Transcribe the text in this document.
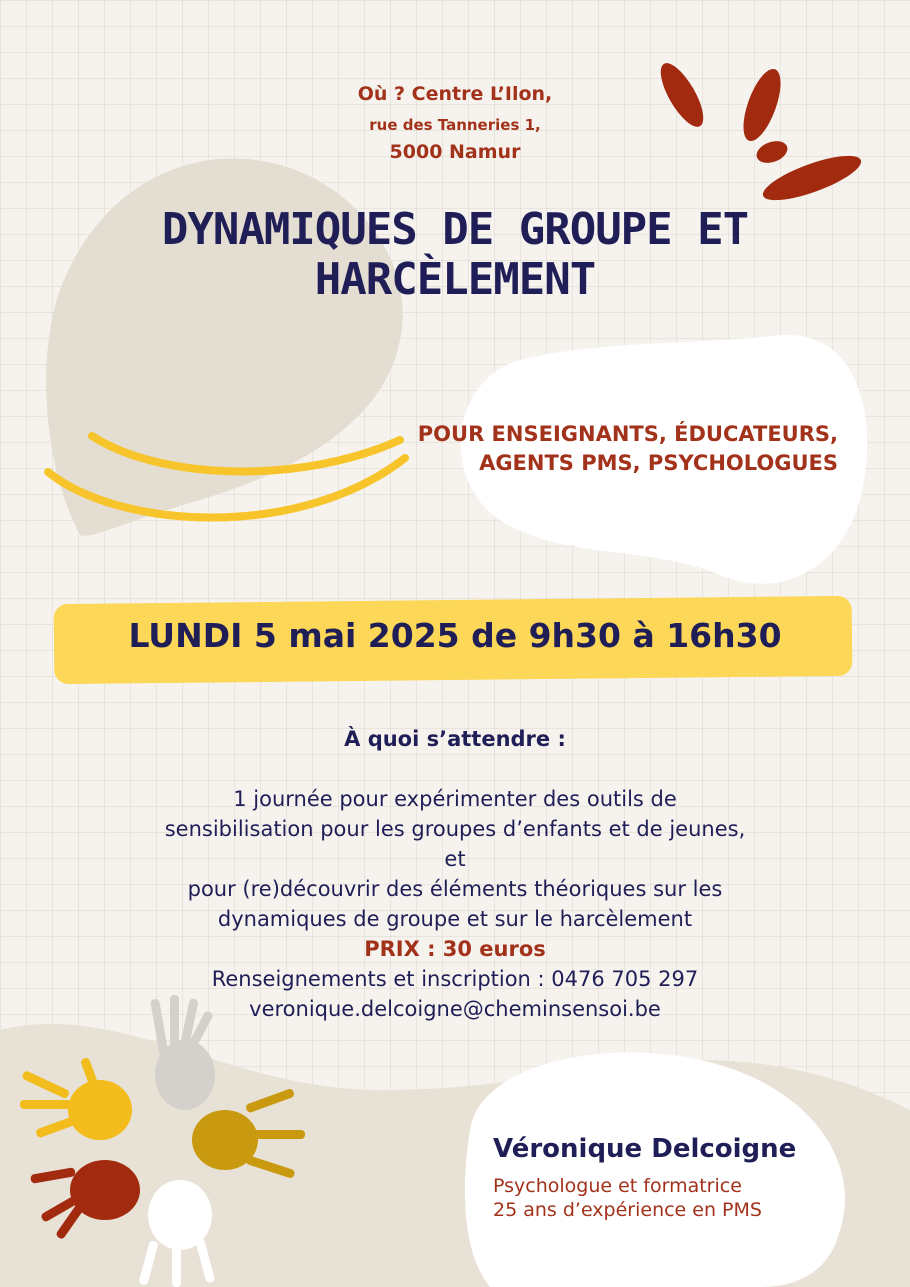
Où ? Centre L’Ilon,

rue des Tanneries 1,

5000 Namur

DYNAMIQUES DE GROUPE ET
HARCÈLEMENT
POUR ENSEIGNANTS, ÉDUCATEURS,
AGENTS PMS, PSYCHOLOGUES

LUNDI 5 mai 2025 de 9h30 à 16h30

À quoi s’attendre :

1 journée pour expérimenter des outils de
sensibilisation pour les groupes d’enfants et de jeunes,
et
pour (re)découvrir des éléments théoriques sur les
dynamiques de groupe et sur le harcèlement
PRIX : 30 euros
Renseignements et inscription : 0476 705 297
veronique.delcoigne@cheminsensoi.be

Véronique Delcoigne

Psychologue et formatrice
25 ans d’expérience en PMS
